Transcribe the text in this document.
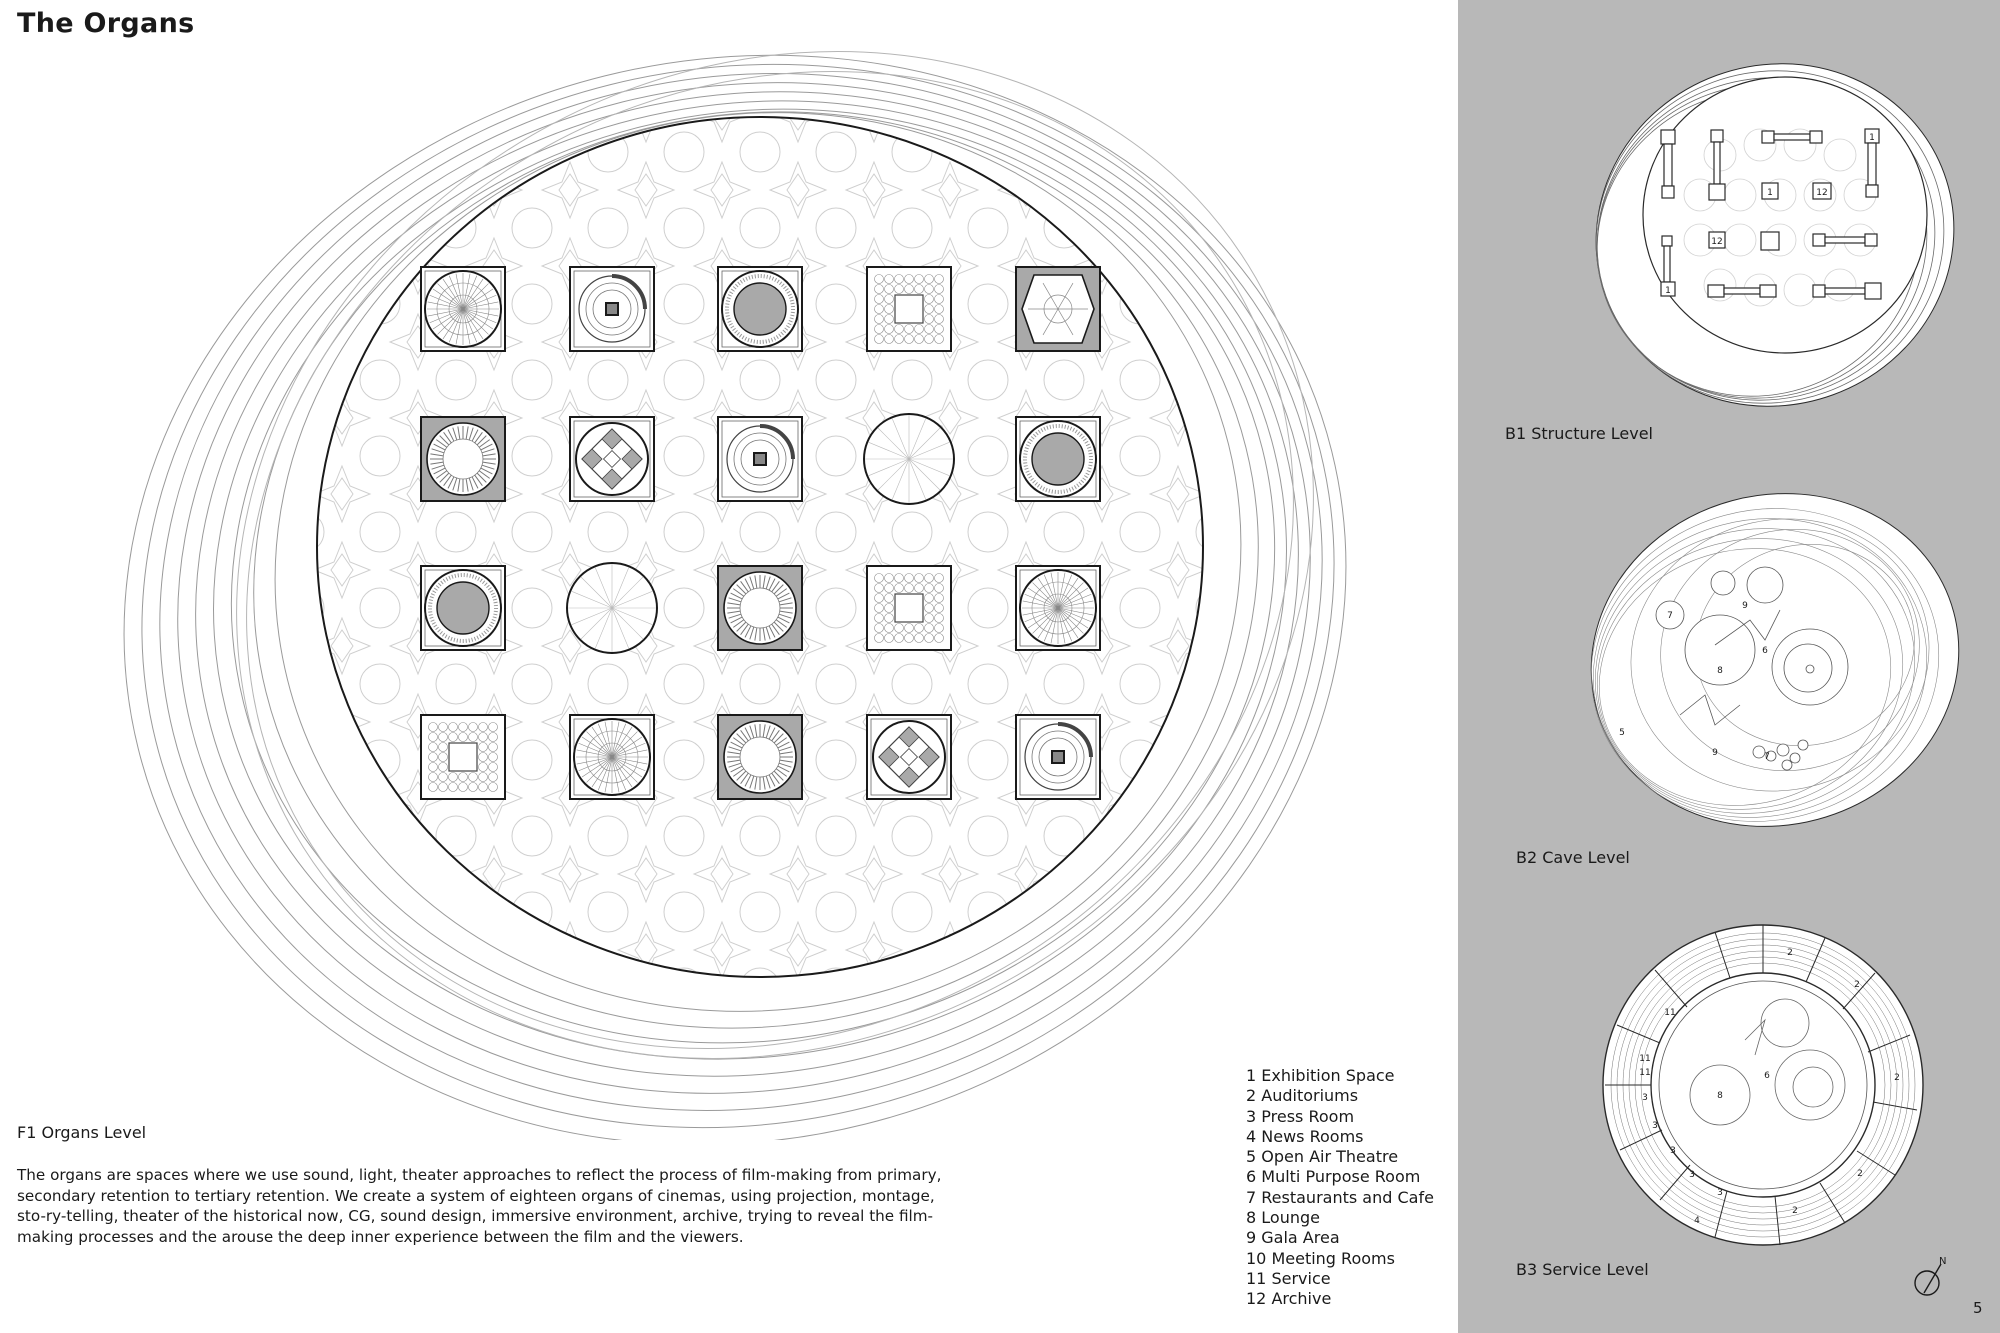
The Organs
F1 Organs Level
The organs are spaces where we use sound, light, theater approaches to reflect the process of film-making from primary, secondary retention to tertiary retention. We create a system of eighteen organs of cinemas, using projection, montage, sto-ry-telling, theater of the historical now, CG, sound design, immersive environment, archive, trying to reveal the film-making processes and the arouse the deep inner experience between the film and the viewers.
1 Exhibition Space
2 Auditoriums
3 Press Room
4 News Rooms
5 Open Air Theatre
6 Multi Purpose Room
7 Restaurants and Cafe
8 Lounge
9 Gala Area
10 Meeting Rooms
11 Service
12 Archive
1
1	12
12
1
B1 Structure Level
7
9
6
8
5
9	7
B2 Cave Level
2
2
2
2
2
11
11
11
3
3
3
3
3
4
8
6
B3 Service Level	N
5
